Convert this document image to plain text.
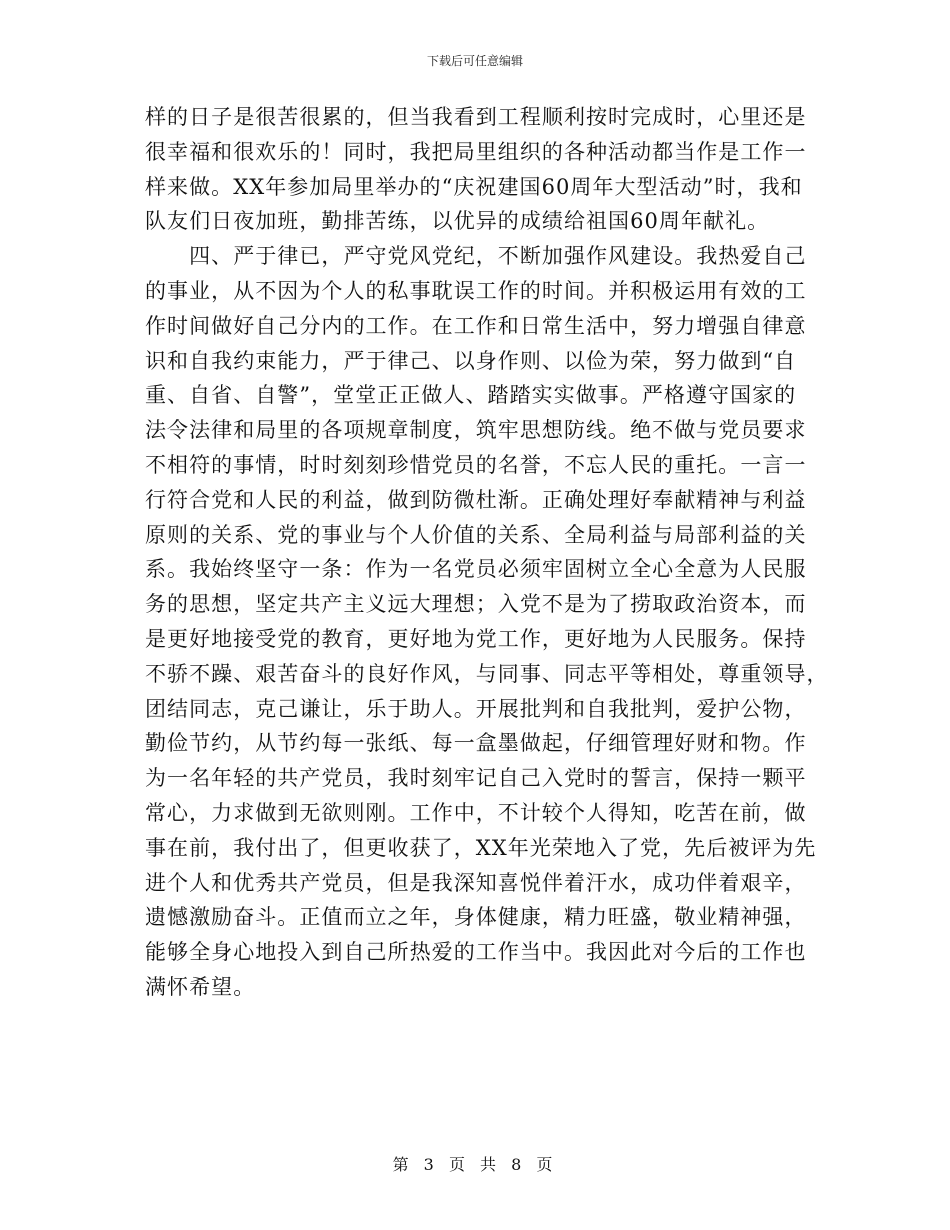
下载后可任意编辑
样的日子是很苦很累的，但当我看到工程顺利按时完成时，心里还是
很幸福和很欢乐的！同时，我把局里组织的各种活动都当作是工作一
样来做。XX年参加局里举办的“庆祝建国60周年大型活动”时，我和
队友们日夜加班，勤排苦练，以优异的成绩给祖国60周年献礼。
　　四、严于律已，严守党风党纪，不断加强作风建设。我热爱自己
的事业，从不因为个人的私事耽误工作的时间。并积极运用有效的工
作时间做好自己分内的工作。在工作和日常生活中，努力增强自律意
识和自我约束能力，严于律己、以身作则、以俭为荣，努力做到“自
重、自省、自警”，堂堂正正做人、踏踏实实做事。严格遵守国家的
法令法律和局里的各项规章制度，筑牢思想防线。绝不做与党员要求
不相符的事情，时时刻刻珍惜党员的名誉，不忘人民的重托。一言一
行符合党和人民的利益，做到防微杜渐。正确处理好奉献精神与利益
原则的关系、党的事业与个人价值的关系、全局利益与局部利益的关
系。我始终坚守一条：作为一名党员必须牢固树立全心全意为人民服
务的思想，坚定共产主义远大理想；入党不是为了捞取政治资本，而
是更好地接受党的教育，更好地为党工作，更好地为人民服务。保持
不骄不躁、艰苦奋斗的良好作风，与同事、同志平等相处，尊重领导，
团结同志，克己谦让，乐于助人。开展批判和自我批判，爱护公物，
勤俭节约，从节约每一张纸、每一盒墨做起，仔细管理好财和物。作
为一名年轻的共产党员，我时刻牢记自己入党时的誓言，保持一颗平
常心，力求做到无欲则刚。工作中，不计较个人得知，吃苦在前，做
事在前，我付出了，但更收获了，XX年光荣地入了党，先后被评为先
进个人和优秀共产党员，但是我深知喜悦伴着汗水，成功伴着艰辛，
遗憾激励奋斗。正值而立之年，身体健康，精力旺盛，敬业精神强，
能够全身心地投入到自己所热爱的工作当中。我因此对今后的工作也
满怀希望。
第 3 页 共 8 页
